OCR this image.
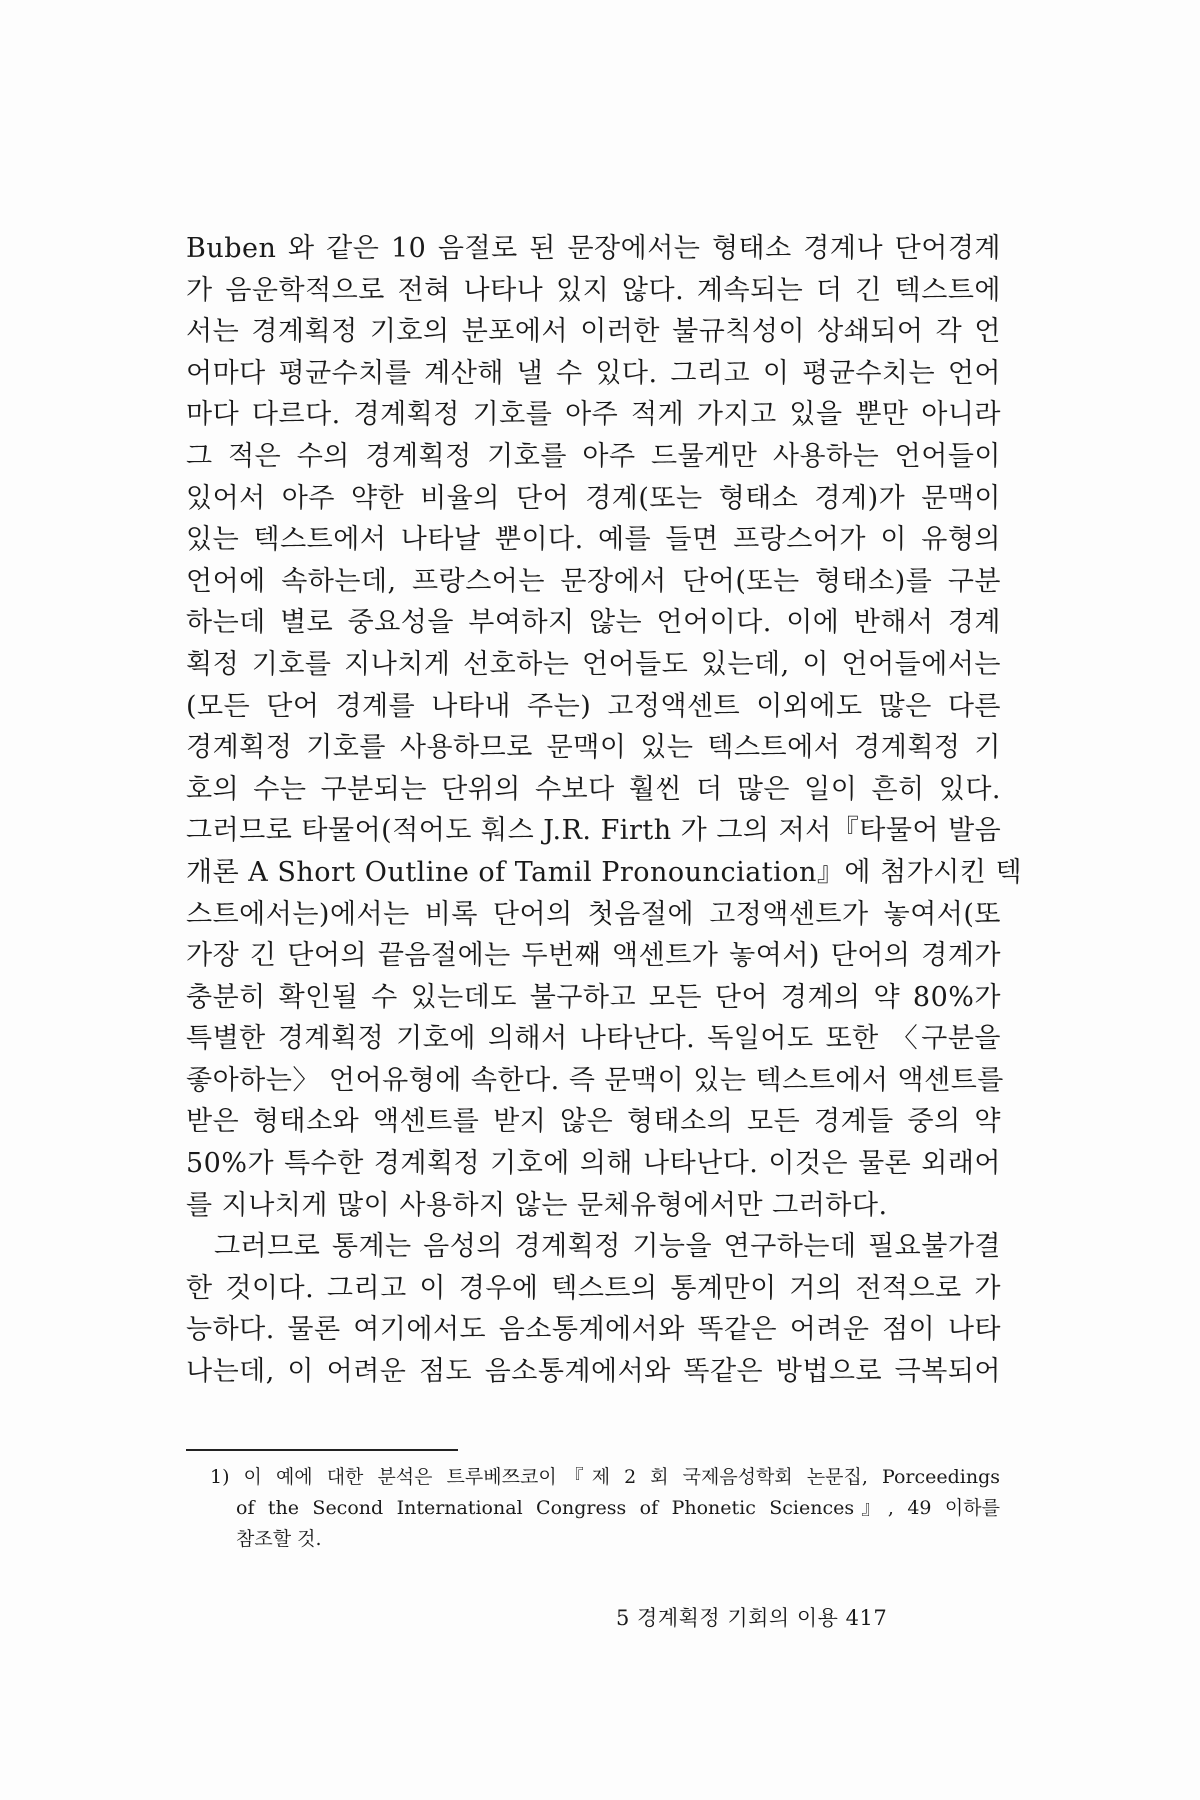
Buben 와 같은 10 음절로 된 문장에서는 형태소 경계나 단어경계
가 음운학적으로 전혀 나타나 있지 않다. 계속되는 더 긴 텍스트에
서는 경계획정 기호의 분포에서 이러한 불규칙성이 상쇄되어 각 언
어마다 평균수치를 계산해 낼 수 있다. 그리고 이 평균수치는 언어
마다 다르다. 경계획정 기호를 아주 적게 가지고 있을 뿐만 아니라
그 적은 수의 경계획정 기호를 아주 드물게만 사용하는 언어들이
있어서 아주 약한 비율의 단어 경계(또는 형태소 경계)가 문맥이
있는 텍스트에서 나타날 뿐이다. 예를 들면 프랑스어가 이 유형의
언어에 속하는데, 프랑스어는 문장에서 단어(또는 형태소)를 구분
하는데 별로 중요성을 부여하지 않는 언어이다. 이에 반해서 경계
획정 기호를 지나치게 선호하는 언어들도 있는데, 이 언어들에서는
(모든 단어 경계를 나타내 주는) 고정액센트 이외에도 많은 다른
경계획정 기호를 사용하므로 문맥이 있는 텍스트에서 경계획정 기
호의 수는 구분되는 단위의 수보다 훨씬 더 많은 일이 흔히 있다.
그러므로 타물어(적어도 훠스 J.R. Firth 가 그의 저서『타물어 발음
개론 A Short Outline of Tamil Pronounciation』에 첨가시킨 텍
스트에서는)에서는 비록 단어의 첫음절에 고정액센트가 놓여서(또
가장 긴 단어의 끝음절에는 두번째 액센트가 놓여서) 단어의 경계가
충분히 확인될 수 있는데도 불구하고 모든 단어 경계의 약 80%가
특별한 경계획정 기호에 의해서 나타난다. 독일어도 또한 〈구분을
좋아하는〉 언어유형에 속한다. 즉 문맥이 있는 텍스트에서 액센트를
받은 형태소와 액센트를 받지 않은 형태소의 모든 경계들 중의 약
50%가 특수한 경계획정 기호에 의해 나타난다. 이것은 물론 외래어
를 지나치게 많이 사용하지 않는 문체유형에서만 그러하다.
그러므로 통계는 음성의 경계획정 기능을 연구하는데 필요불가결
한 것이다. 그리고 이 경우에 텍스트의 통계만이 거의 전적으로 가
능하다. 물론 여기에서도 음소통계에서와 똑같은 어려운 점이 나타
나는데, 이 어려운 점도 음소통계에서와 똑같은 방법으로 극복되어
1) 이 예에 대한 분석은 트루베쯔코이『제 2 회 국제음성학회 논문집, Porceedings
of the Second International Congress of Phonetic Sciences』, 49 이하를
참조할 것.
5 경계획정 기회의 이용 417
